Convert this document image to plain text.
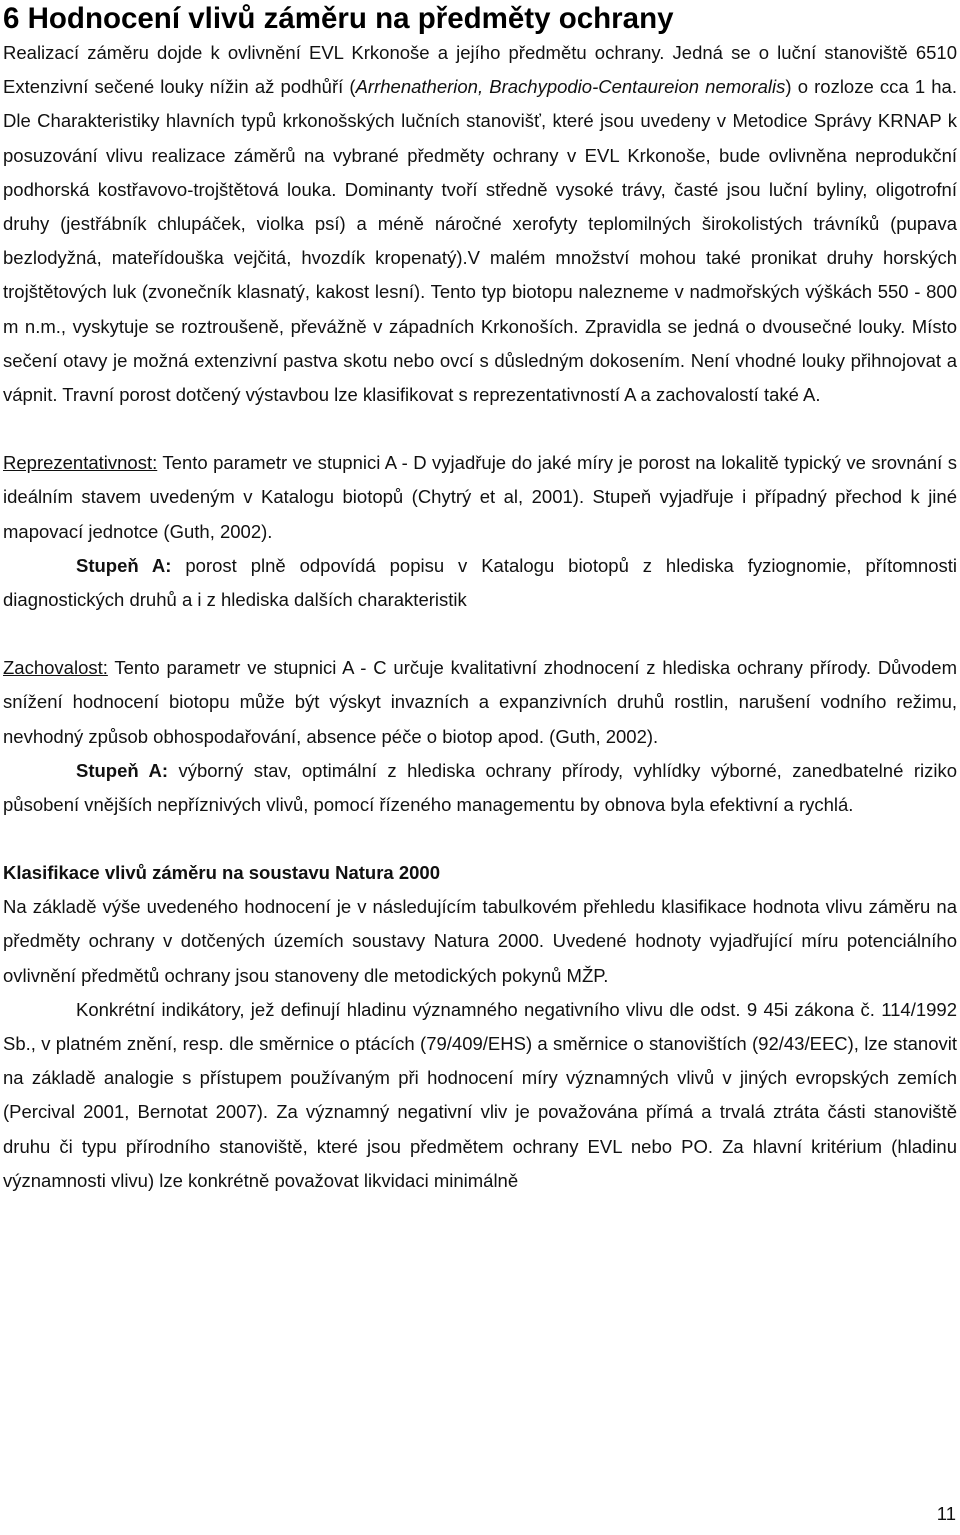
6 Hodnocení vlivů záměru na předměty ochrany

Realizací záměru dojde k ovlivnění EVL Krkonoše a jejího předmětu ochrany. Jedná se o luční stanoviště 6510 Extenzivní sečené louky nížin až podhůří (Arrhenatherion, Brachypodio-Centaureion nemoralis) o rozloze cca 1 ha. Dle Charakteristiky hlavních typů krkonošských lučních stanovišť, které jsou uvedeny v Metodice Správy KRNAP k posuzování vlivu realizace záměrů na vybrané předměty ochrany v EVL Krkonoše, bude ovlivněna neprodukční podhorská kostřavovo-trojštětová louka. Dominanty tvoří středně vysoké trávy, časté jsou luční byliny, oligotrofní druhy (jestřábník chlupáček, violka psí) a méně náročné xerofyty teplomilných širokolistých trávníků (pupava bezlodyžná, mateřídouška vejčitá, hvozdík kropenatý).V malém množství mohou také pronikat druhy horských trojštětových luk (zvonečník klasnatý, kakost lesní). Tento typ biotopu nalezneme v nadmořských výškách 550 - 800 m n.m., vyskytuje se roztroušeně, převážně v západních Krkonoších. Zpravidla se jedná o dvousečné louky. Místo sečení otavy je možná extenzivní pastva skotu nebo ovcí s důsledným dokosením. Není vhodné louky přihnojovat a vápnit. Travní porost dotčený výstavbou lze klasifikovat s reprezentativností A a zachovalostí také A.

Reprezentativnost: Tento parametr ve stupnici A - D vyjadřuje do jaké míry je porost na lokalitě typický ve srovnání s ideálním stavem uvedeným v Katalogu biotopů (Chytrý et al, 2001). Stupeň vyjadřuje i případný přechod k jiné mapovací jednotce (Guth, 2002).

Stupeň A: porost plně odpovídá popisu v Katalogu biotopů z hlediska fyziognomie, přítomnosti diagnostických druhů a i z hlediska dalších charakteristik

Zachovalost: Tento parametr ve stupnici A - C určuje kvalitativní zhodnocení z hlediska ochrany přírody. Důvodem snížení hodnocení biotopu může být výskyt invazních a expanzivních druhů rostlin, narušení vodního režimu, nevhodný způsob obhospodařování, absence péče o biotop apod. (Guth, 2002).

Stupeň A: výborný stav, optimální z hlediska ochrany přírody, vyhlídky výborné, zanedbatelné riziko působení vnějších nepříznivých vlivů, pomocí řízeného managementu by obnova byla efektivní a rychlá.

Klasifikace vlivů záměru na soustavu Natura 2000

Na základě výše uvedeného hodnocení je v následujícím tabulkovém přehledu klasifikace hodnota vlivu záměru na předměty ochrany v dotčených územích soustavy Natura 2000. Uvedené hodnoty vyjadřující míru potenciálního ovlivnění předmětů ochrany jsou stanoveny dle metodických pokynů MŽP.

Konkrétní indikátory, jež definují hladinu významného negativního vlivu dle odst. 9 45i zákona č. 114/1992 Sb., v platném znění, resp. dle směrnice o ptácích (79/409/EHS) a směrnice o stanovištích (92/43/EEC), lze stanovit na základě analogie s přístupem používaným při hodnocení míry významných vlivů v jiných evropských zemích (Percival 2001, Bernotat 2007). Za významný negativní vliv je považována přímá a trvalá ztráta části stanoviště druhu či typu přírodního stanoviště, které jsou předmětem ochrany EVL nebo PO. Za hlavní kritérium (hladinu významnosti vlivu) lze konkrétně považovat likvidaci minimálně

11
